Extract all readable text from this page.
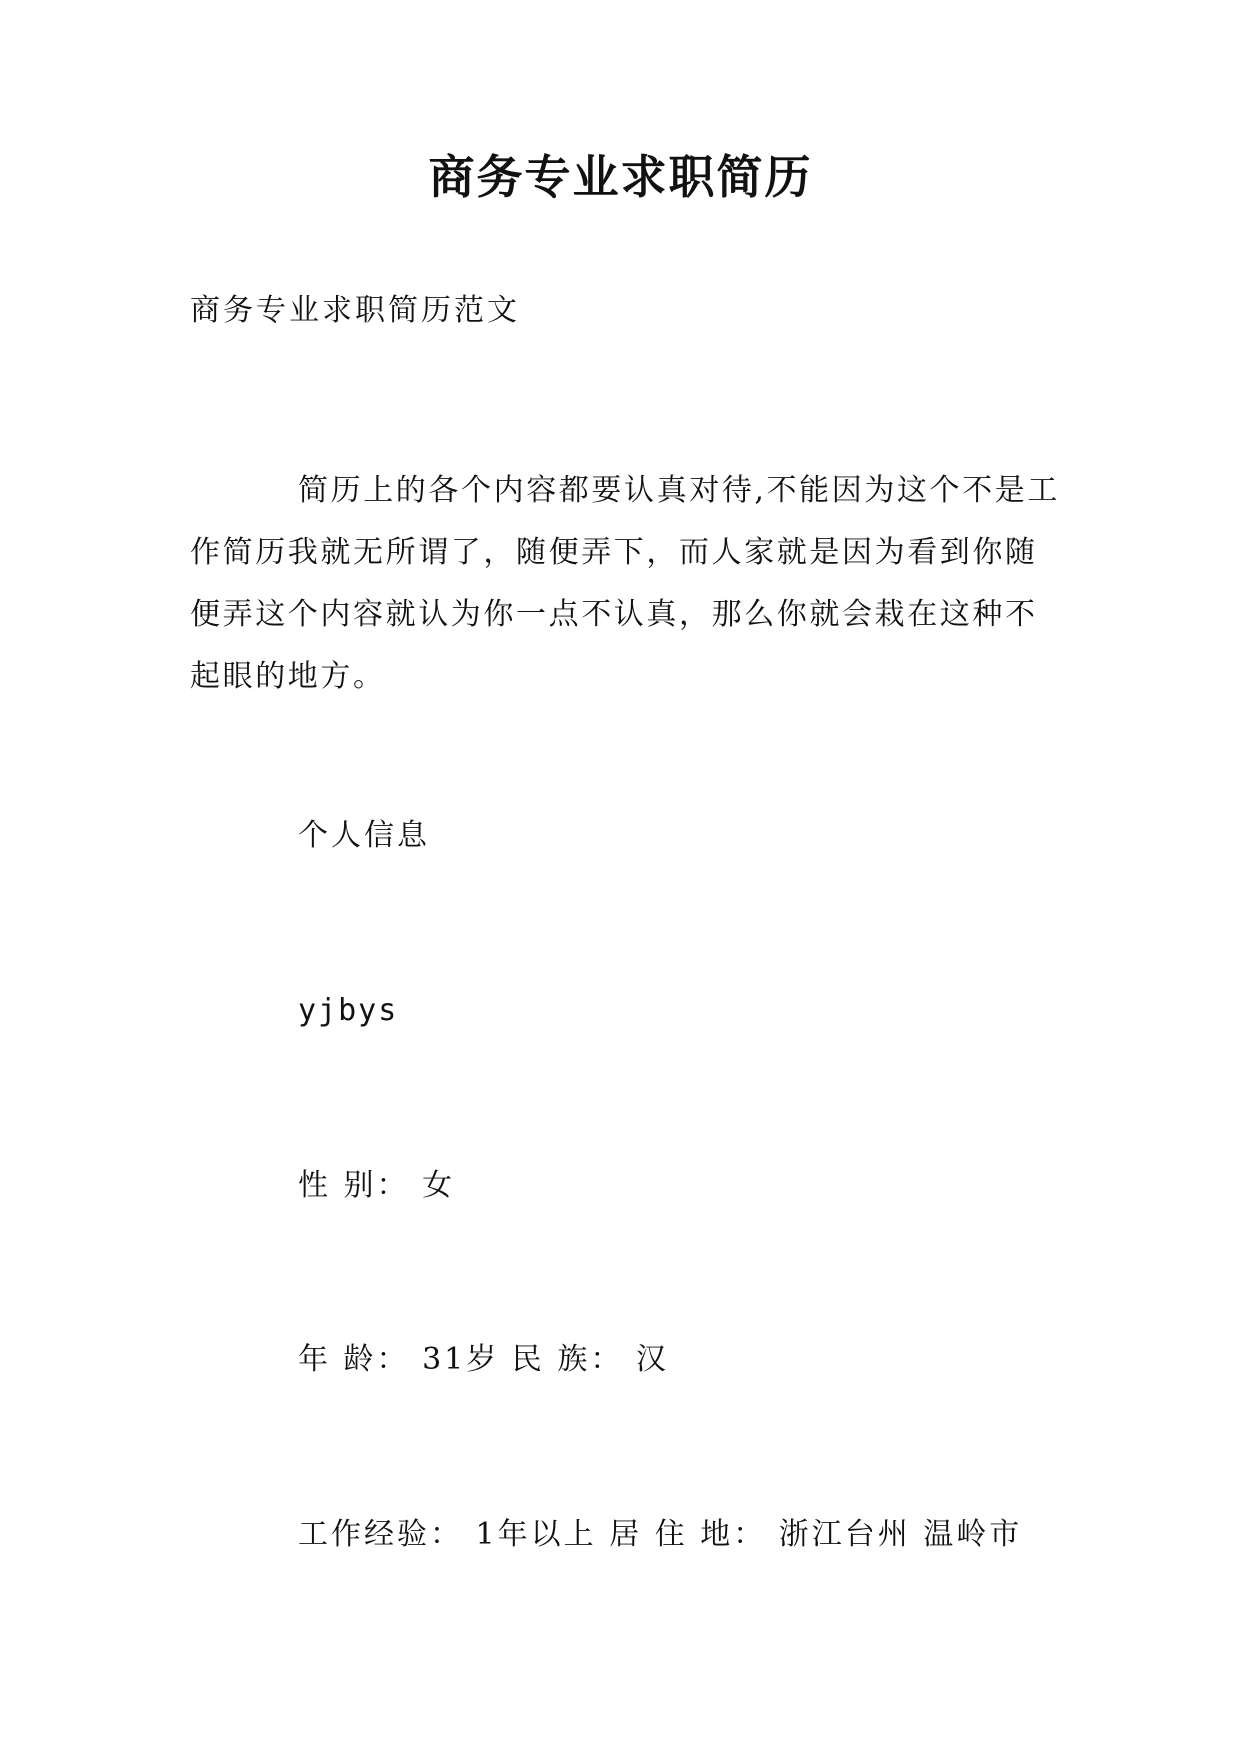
商务专业求职简历
商务专业求职简历范文

简历上的各个内容都要认真对待,不能因为这个不是工作简历我就无所谓了，随便弄下，而人家就是因为看到你随便弄这个内容就认为你一点不认真，那么你就会栽在这种不起眼的地方。

个人信息
yjbys
性 别： 女
年 龄： 31岁 民 族： 汉
工作经验： 1年以上 居 住 地： 浙江台州 温岭市
